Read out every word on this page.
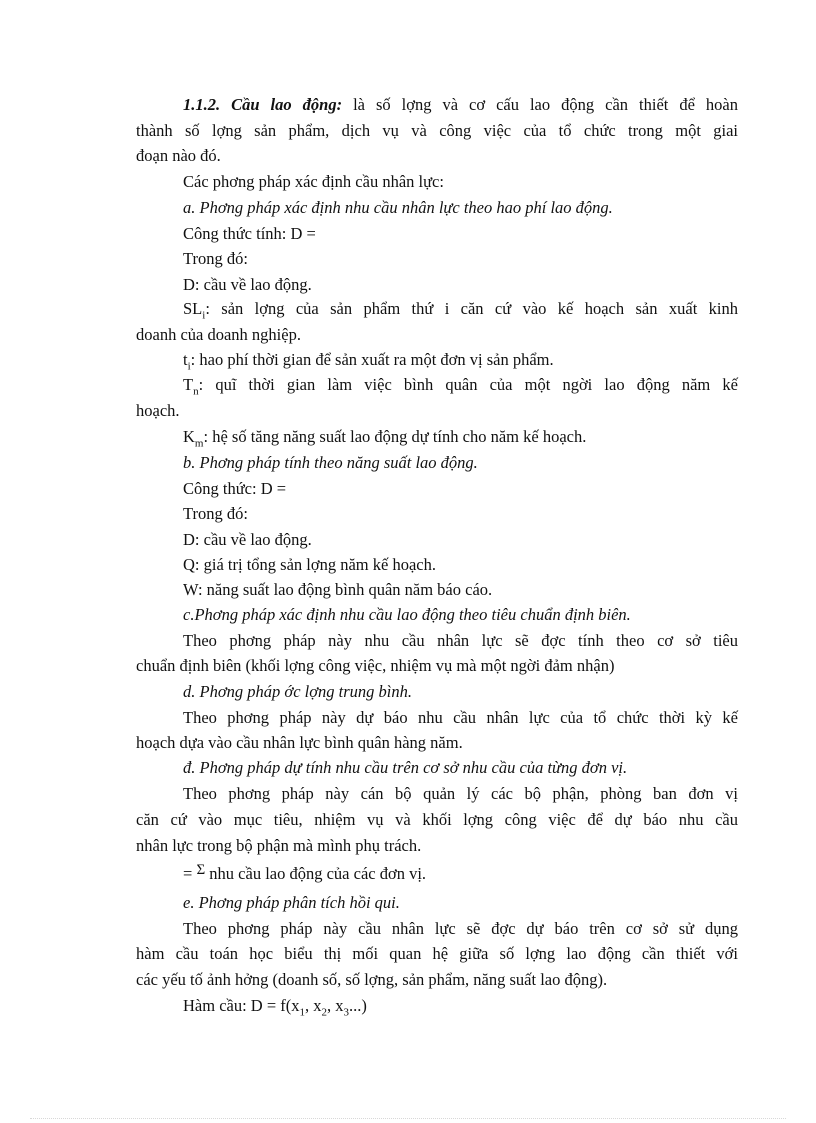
1.1.2. Cầu lao động: là số lợng và cơ cấu lao động cần thiết để hoàn
thành số lợng sản phẩm, dịch vụ và công việc của tổ chức trong một giai
đoạn nào đó.
Các phơng pháp xác định cầu nhân lực:
a. Phơng pháp xác định nhu cầu nhân lực theo hao phí lao động.
Công thức tính: D =
Trong đó:
D: cầu về lao động.
$SL_i$: sản lợng của sản phẩm thứ i căn cứ vào kế hoạch sản xuất kinh
doanh của doanh nghiệp.
$t_i$: hao phí thời gian để sản xuất ra một đơn vị sản phẩm.
$T_n$: quĩ thời gian làm việc bình quân của một ngời lao động năm kế
hoạch.
$K_m$: hệ số tăng năng suất lao động dự tính cho năm kế hoạch.
b. Phơng pháp tính theo năng suất lao động.
Công thức: D =
Trong đó:
D: cầu về lao động.
Q: giá trị tổng sản lợng năm kế hoạch.
W: năng suất lao động bình quân năm báo cáo.
c.Phơng pháp xác định nhu cầu lao động theo tiêu chuẩn định biên.
Theo phơng pháp này nhu cầu nhân lực sẽ đợc tính theo cơ sở tiêu
chuẩn định biên (khối lợng công việc, nhiệm vụ mà một ngời đảm nhận)
d. Phơng pháp ớc lợng trung bình.
Theo phơng pháp này dự báo nhu cầu nhân lực của tổ chức thời kỳ kế
hoạch dựa vào cầu nhân lực bình quân hàng năm.
đ. Phơng pháp dự tính nhu cầu trên cơ sở nhu cầu của từng đơn vị.
Theo phơng pháp này cán bộ quản lý các bộ phận, phòng ban đơn vị
căn cứ vào mục tiêu, nhiệm vụ và khối lợng công việc để dự báo nhu cầu
nhân lực trong bộ phận mà mình phụ trách.
= Σ nhu cầu lao động của các đơn vị.
e. Phơng pháp phân tích hồi qui.
Theo phơng pháp này cầu nhân lực sẽ đợc dự báo trên cơ sở sử dụng
hàm cầu toán học biểu thị mối quan hệ giữa số lợng lao động cần thiết với
các yếu tố ảnh hởng (doanh số, số lợng, sản phẩm, năng suất lao động).
Hàm cầu: $D = f(x_1$, $x_2$, $x_3$...)
